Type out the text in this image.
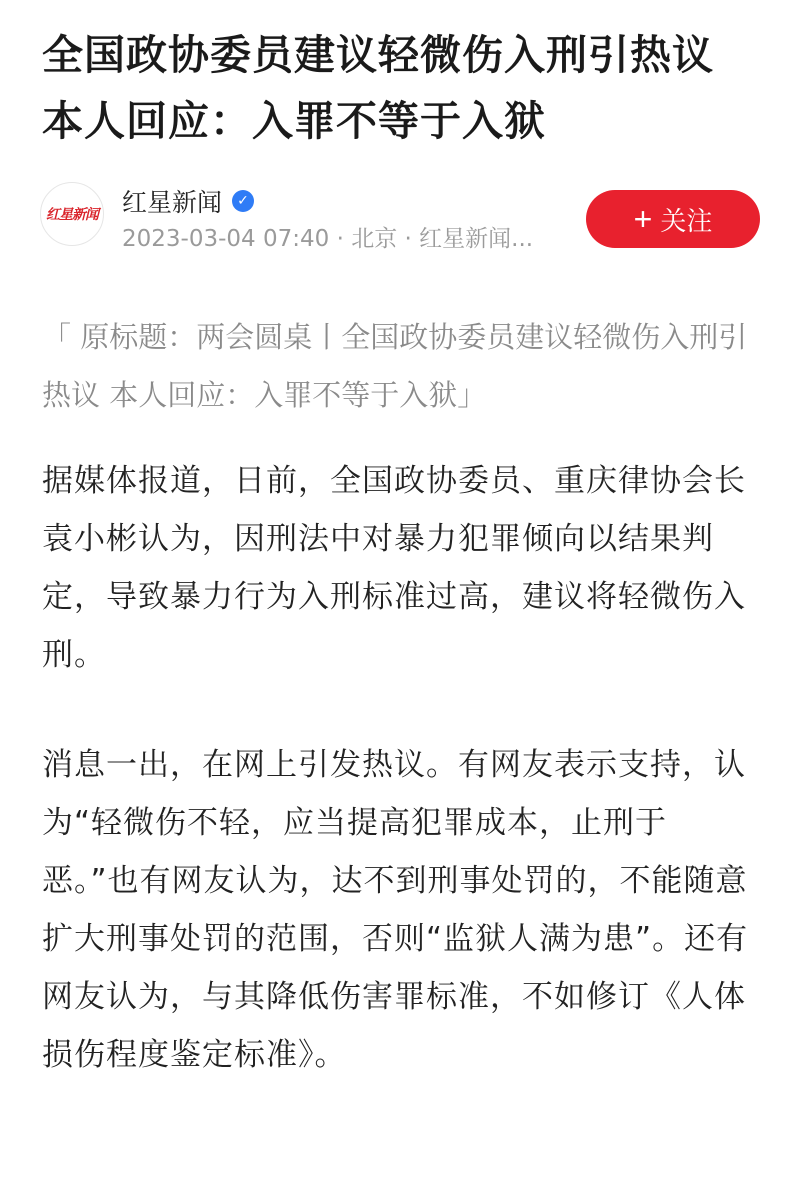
全国政协委员建议轻微伤入刑引热议 本人回应：入罪不等于入狱
红星新闻 红星新闻	✓
2023-03-04 07:40 · 北京 · 红星新闻...
+ 关注
「 原标题：两会圆桌丨全国政协委员建议轻微伤入刑引热议 本人回应：入罪不等于入狱」

据媒体报道，日前，全国政协委员、重庆律协会长袁小彬认为，因刑法中对暴力犯罪倾向以结果判定，导致暴力行为入刑标准过高，建议将轻微伤入刑。

消息一出，在网上引发热议。有网友表示支持，认为“轻微伤不轻，应当提高犯罪成本，止刑于恶。”也有网友认为，达不到刑事处罚的，不能随意扩大刑事处罚的范围，否则“监狱人满为患”。还有网友认为，与其降低伤害罪标准，不如修订《人体损伤程度鉴定标准》。
